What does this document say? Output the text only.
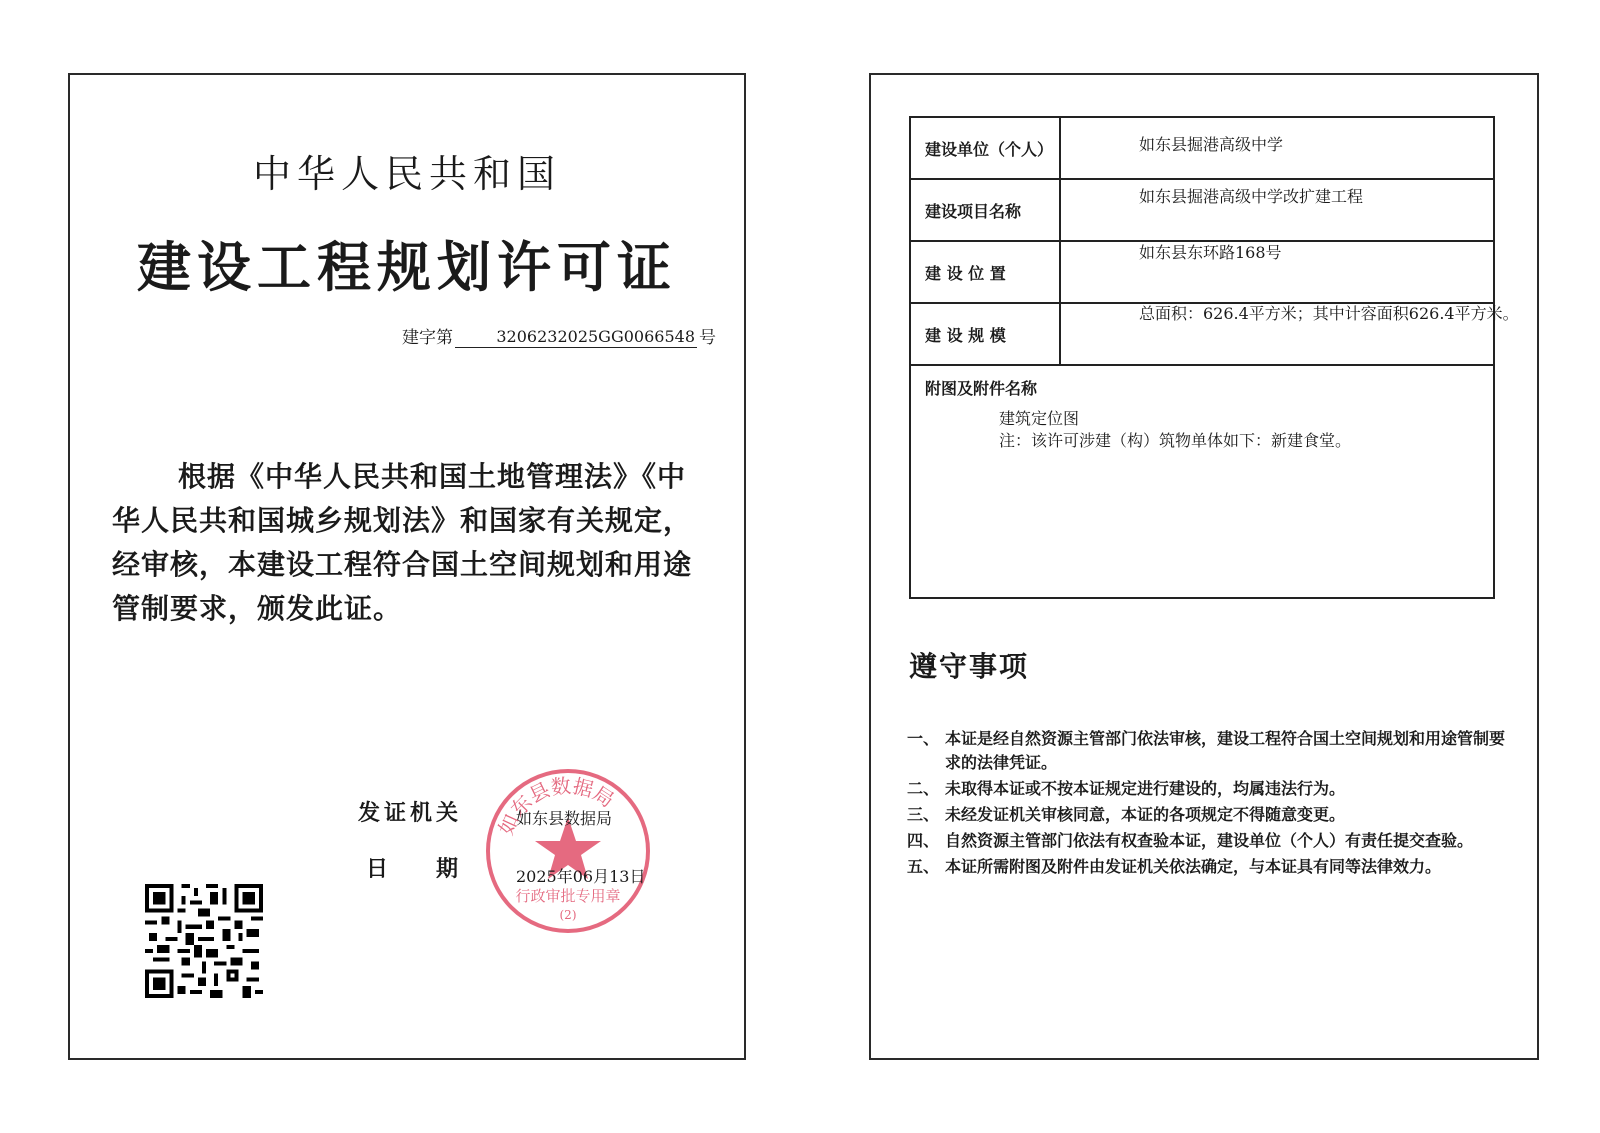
中华人民共和国
建设工程规划许可证
建字第	3206232025GG0066548 号
根据《中华人民共和国土地管理法》《中华人民共和国城乡规划法》和国家有关规定，经审核，本建设工程符合国土空间规划和用途管制要求，颁发此证。
发证机关
日期
如东县数据局
行政审批专用章
(2)
如东县数据局
2025年06月13日
建设单位（个人）	如东县掘港高级中学
建设项目名称
如东县掘港高级中学改扩建工程
建 设 位 置
如东县东环路168号
建 设 规 模
总面积：626.4平方米；其中计容面积626.4平方米。
附图及附件名称
建筑定位图
注：该许可涉建（构）筑物单体如下：新建食堂。
遵守事项
一、 本证是经自然资源主管部门依法审核，建设工程符合国土空间规划和用途管制要求的法律凭证。
二、 未取得本证或不按本证规定进行建设的，均属违法行为。
三、 未经发证机关审核同意，本证的各项规定不得随意变更。
四、 自然资源主管部门依法有权查验本证，建设单位（个人）有责任提交查验。
五、 本证所需附图及附件由发证机关依法确定，与本证具有同等法律效力。
